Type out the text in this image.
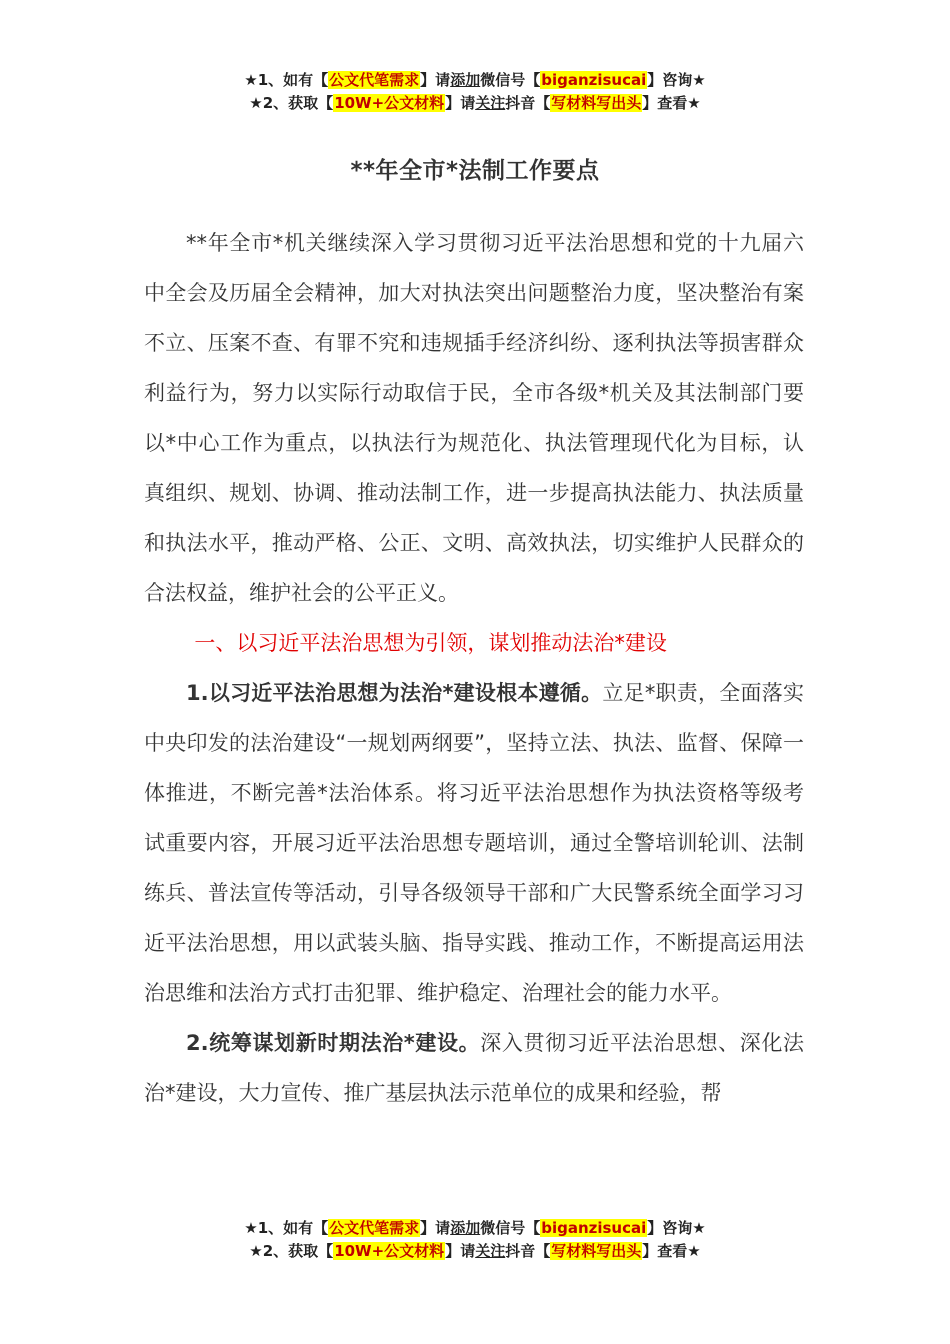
★1、如有【公文代笔需求】请添加微信号【biganzisucai】咨询★
★2、获取【10W+公文材料】请关注抖音【写材料写出头】查看★
**年全市*法制工作要点

**年全市*机关继续深入学习贯彻习近平法治思想和党的十九届六中全会及历届全会精神，加大对执法突出问题整治力度，坚决整治有案不立、压案不查、有罪不究和违规插手经济纠纷、逐利执法等损害群众利益行为，努力以实际行动取信于民，全市各级*机关及其法制部门要以*中心工作为重点，以执法行为规范化、执法管理现代化为目标，认真组织、规划、协调、推动法制工作，进一步提高执法能力、执法质量和执法水平，推动严格、公正、文明、高效执法，切实维护人民群众的合法权益，维护社会的公平正义。

一、以习近平法治思想为引领，谋划推动法治*建设

1.以习近平法治思想为法治*建设根本遵循。立足*职责，全面落实中央印发的法治建设“一规划两纲要”，坚持立法、执法、监督、保障一体推进，不断完善*法治体系。将习近平法治思想作为执法资格等级考试重要内容，开展习近平法治思想专题培训，通过全警培训轮训、法制练兵、普法宣传等活动，引导各级领导干部和广大民警系统全面学习习近平法治思想，用以武装头脑、指导实践、推动工作，不断提高运用法治思维和法治方式打击犯罪、维护稳定、治理社会的能力水平。

2.统筹谋划新时期法治*建设。深入贯彻习近平法治思想、深化法治*建设，大力宣传、推广基层执法示范单位的成果和经验，帮

★1、如有【公文代笔需求】请添加微信号【biganzisucai】咨询★
★2、获取【10W+公文材料】请关注抖音【写材料写出头】查看★
